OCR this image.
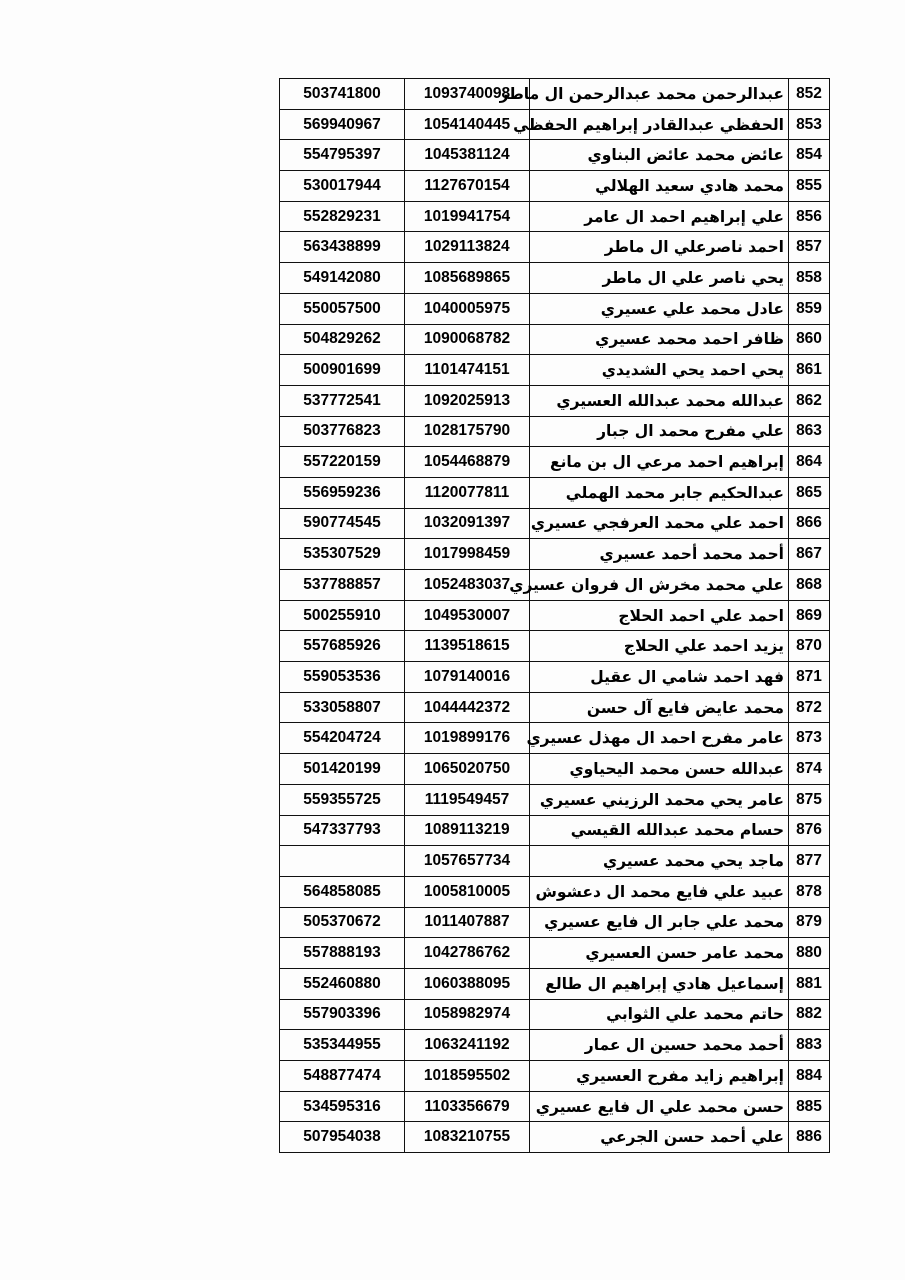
503741800	1093740098	عبدالرحمن محمد عبدالرحمن ال ماطر	852
569940967	1054140445	الحفظي عبدالقادر إبراهيم الحفظي	853
554795397	1045381124	عائض محمد عائض البناوي	854
530017944	1127670154	محمد هادي سعيد الهلالي	855
552829231	1019941754	علي إبراهيم احمد ال عامر	856
563438899	1029113824	احمد ناصرعلي ال ماطر	857
549142080	1085689865	يحي ناصر علي ال ماطر	858
550057500	1040005975	عادل محمد علي عسيري	859
504829262	1090068782	ظافر احمد محمد عسيري	860
500901699	1101474151	يحي احمد يحي الشديدي	861
537772541	1092025913	عبدالله محمد عبدالله العسيري	862
503776823	1028175790	علي مفرح محمد ال جبار	863
557220159	1054468879	إبراهيم احمد مرعي ال بن مانع	864
556959236	1120077811	عبدالحكيم جابر محمد الهملي	865
590774545	1032091397	احمد علي محمد العرفجي عسيري	866
535307529	1017998459	أحمد محمد أحمد عسيري	867
537788857	1052483037	علي محمد مخرش ال فروان عسيري	868
500255910	1049530007	احمد علي احمد الحلاج	869
557685926	1139518615	يزيد احمد علي الحلاج	870
559053536	1079140016	فهد احمد شامي ال عقيل	871
533058807	1044442372	محمد عايض فايع آل حسن	872
554204724	1019899176	عامر مفرح احمد ال مهذل عسيري	873
501420199	1065020750	عبدالله حسن محمد اليحياوي	874
559355725	1119549457	عامر يحي محمد الرزيني عسيري	875
547337793	1089113219	حسام محمد عبدالله القيسي	876
	1057657734	ماجد يحي محمد عسيري	877
564858085	1005810005	عبيد علي فايع محمد ال دعشوش	878
505370672	1011407887	محمد علي جابر ال فايع عسيري	879
557888193	1042786762	محمد عامر حسن العسيري	880
552460880	1060388095	إسماعيل هادي إبراهيم ال طالع	881
557903396	1058982974	حاتم محمد علي الثوابي	882
535344955	1063241192	أحمد محمد حسين ال عمار	883
548877474	1018595502	إبراهيم زايد مفرح العسيري	884
534595316	1103356679	حسن محمد علي ال فايع عسيري	885
507954038	1083210755	علي أحمد حسن الجرعي	886
